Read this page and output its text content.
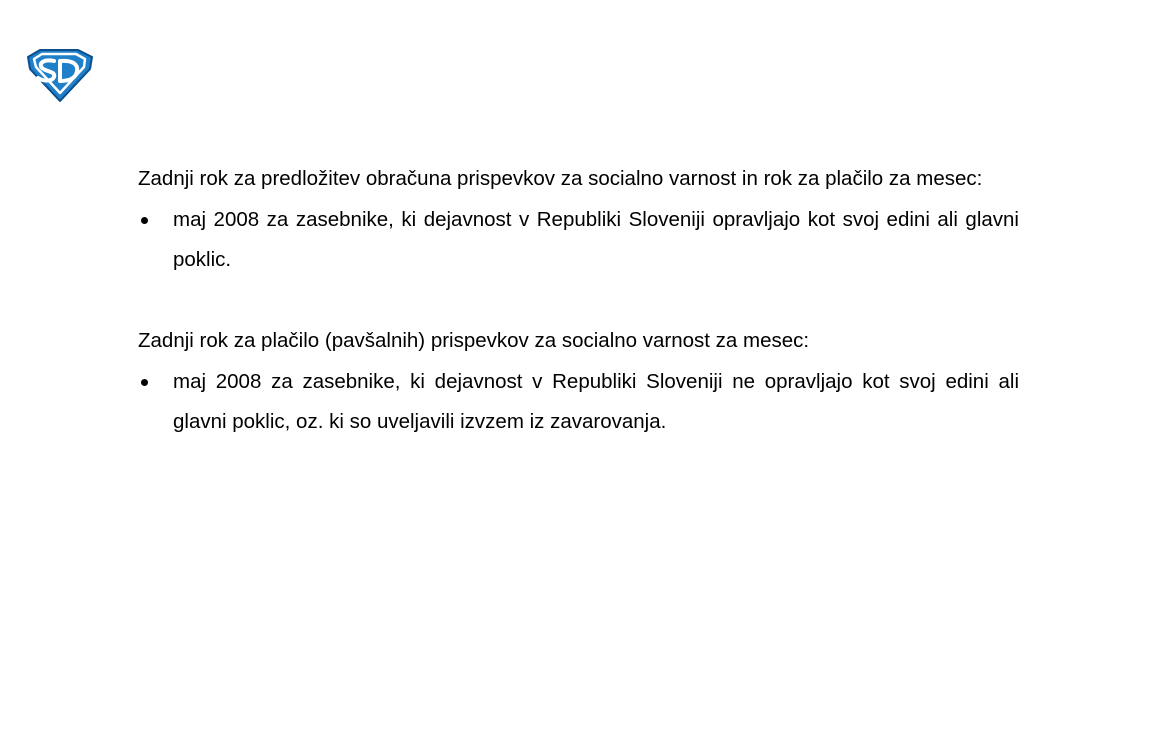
Zadnji rok za predložitev obračuna prispevkov za socialno varnost in rok za plačilo za mesec:

maj 2008 za zasebnike, ki dejavnost v Republiki Sloveniji opravljajo kot svoj edini ali glavni poklic.

Zadnji rok za plačilo (pavšalnih) prispevkov za socialno varnost za mesec:

maj 2008 za zasebnike, ki dejavnost v Republiki Sloveniji ne opravljajo kot svoj edini ali glavni poklic, oz. ki so uveljavili izvzem iz zavarovanja.
